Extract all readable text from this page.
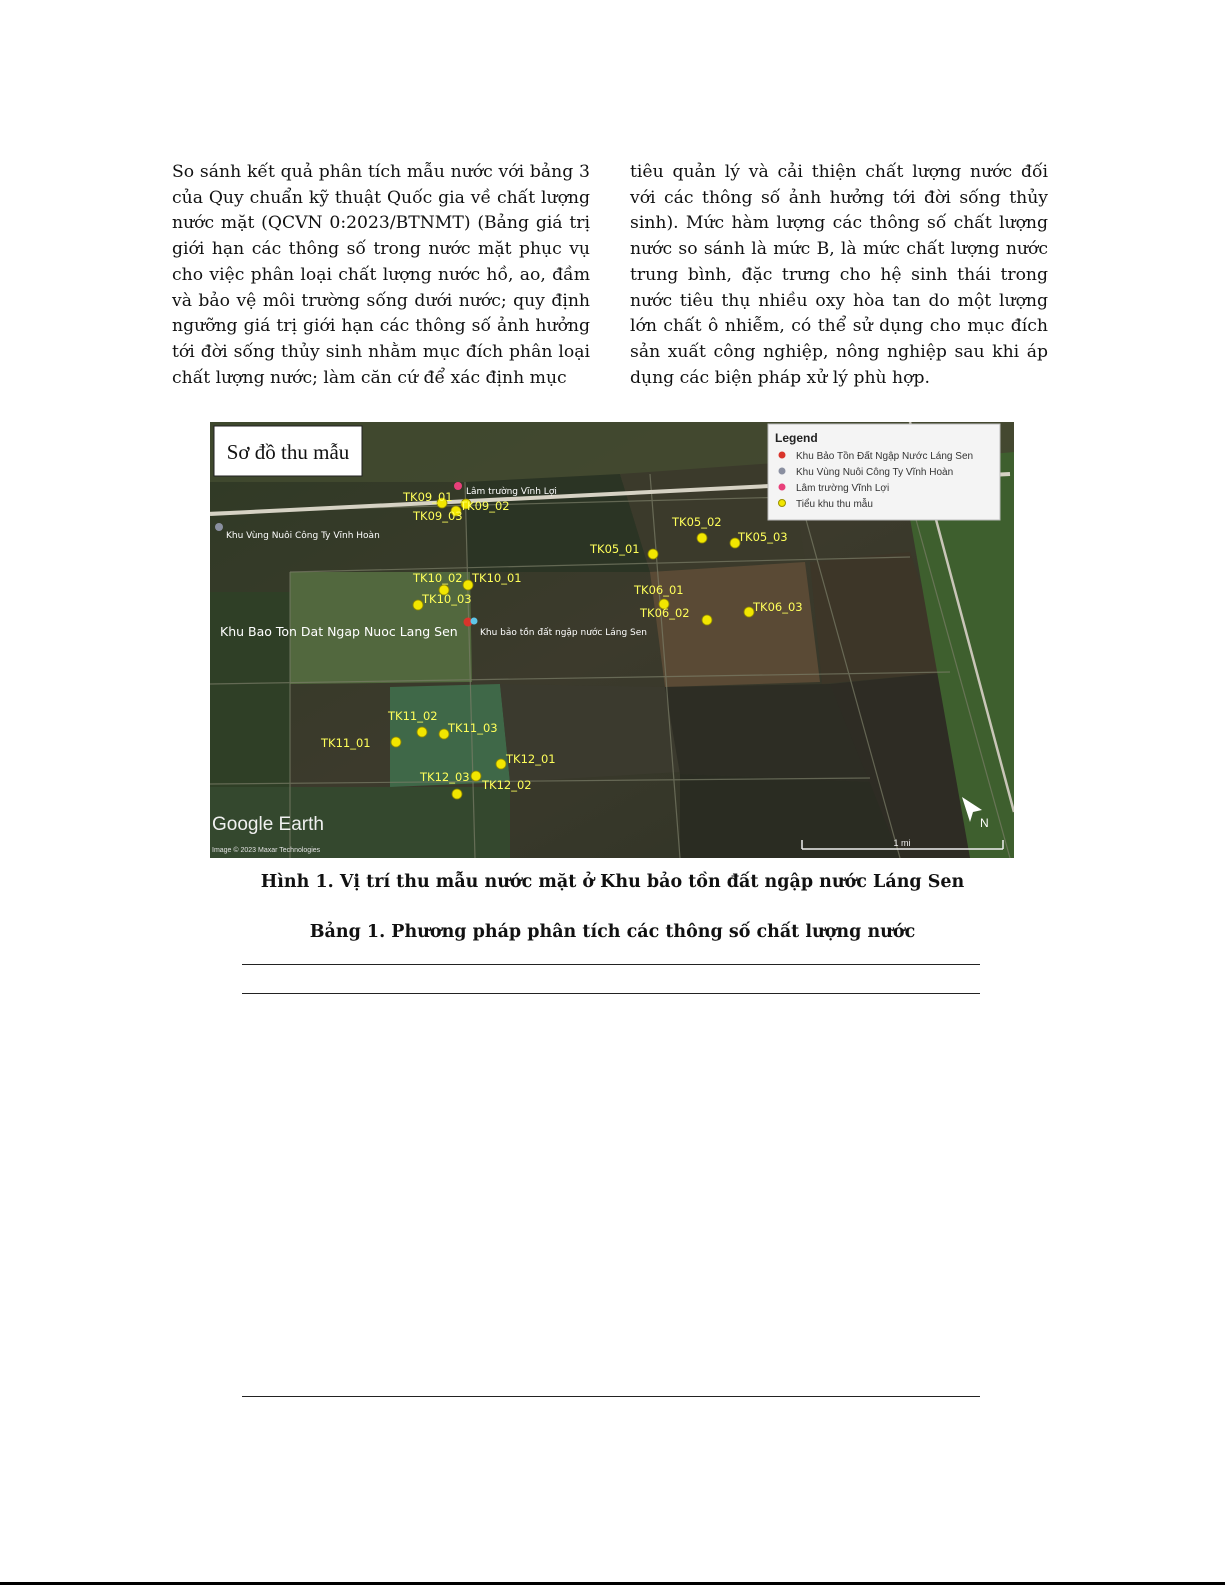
So sánh kết quả phân tích mẫu nước với bảng 3 của Quy chuẩn kỹ thuật Quốc gia về chất lượng nước mặt (QCVN 0:2023/BTNMT) (Bảng giá trị giới hạn các thông số trong nước mặt phục vụ cho việc phân loại chất lượng nước hồ, ao, đầm và bảo vệ môi trường sống dưới nước; quy định ngưỡng giá trị giới hạn các thông số ảnh hưởng tới đời sống thủy sinh nhằm mục đích phân loại chất lượng nước; làm căn cứ để xác định mục

tiêu quản lý và cải thiện chất lượng nước đối với các thông số ảnh hưởng tới đời sống thủy sinh). Mức hàm lượng các thông số chất lượng nước so sánh là mức B, là mức chất lượng nước trung bình, đặc trưng cho hệ sinh thái trong nước tiêu thụ nhiều oxy hòa tan do một lượng lớn chất ô nhiễm, có thể sử dụng cho mục đích sản xuất công nghiệp, nông nghiệp sau khi áp dụng các biện pháp xử lý phù hợp.

Sơ đồ thu mẫu
Legend
Khu Bảo Tồn Đất Ngập Nước Láng Sen
Khu Vùng Nuôi Công Ty Vĩnh Hoàn
Lâm trường Vĩnh Lợi
Tiểu khu thu mẫu
Lâm trường Vĩnh Lợi
Khu Vùng Nuôi Công Ty Vĩnh Hoàn
Khu Bao Ton Dat Ngap Nuoc Lang Sen Khu bảo tồn đất ngập nước Láng Sen
TK05_01
TK05_02
TK05_03
TK06_01
TK06_02	TK06_03
TK09_01
TK09_02
TK09_03
TK10_01
TK10_02
TK10_03
TK11_01
TK11_02
TK11_03
TK12_01
TK12_02
TK12_03
Google Earth
Image © 2023 Maxar Technologies
1 mi
N

Hình 1. Vị trí thu mẫu nước mặt ở Khu bảo tồn đất ngập nước Láng Sen

Bảng 1. Phương pháp phân tích các thông số chất lượng nước
